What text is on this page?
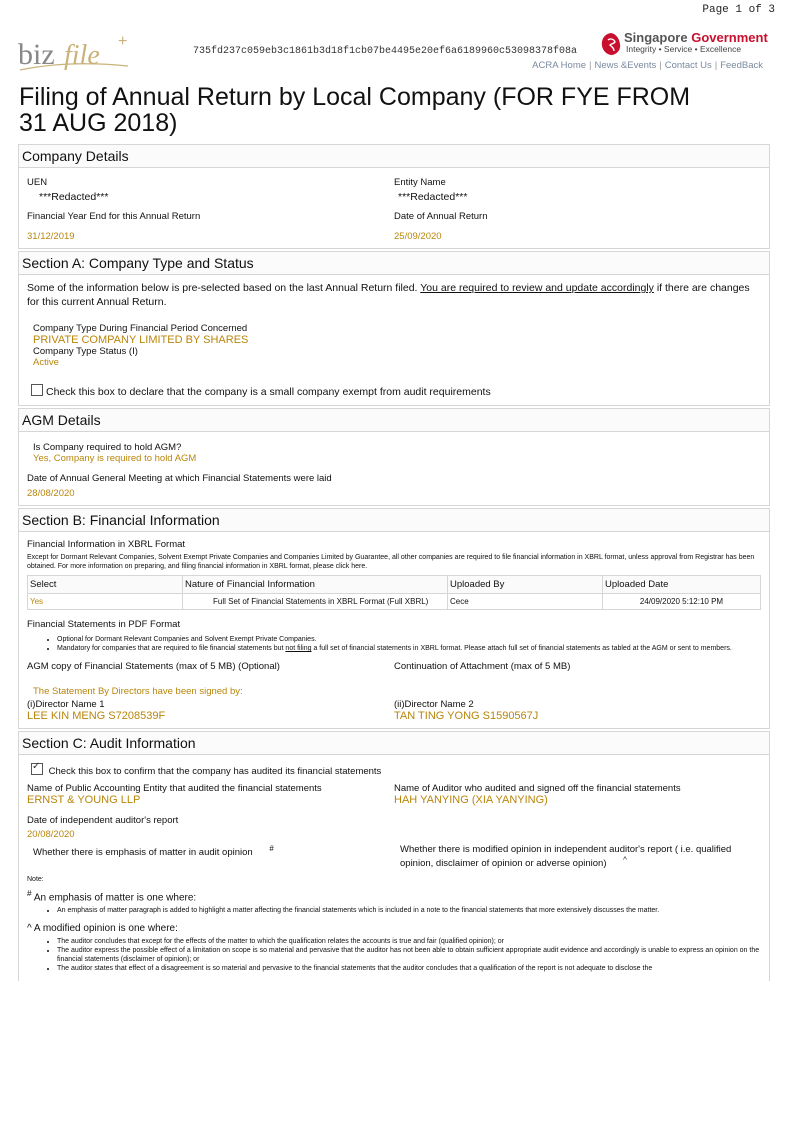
Page 1 of 3
biz file +
735fd237c059eb3c1861b3d18f1cb07be4495e20ef6a6189960c53098378f08a
Singapore Government
Integrity • Service • Excellence
ACRA Home | News &Events | Contact Us | FeedBack
Filing of Annual Return by Local Company (FOR FYE FROM 31 AUG 2018)
Company Details
UEN
***Redacted***
Entity Name
***Redacted***
Financial Year End for this Annual Return
31/12/2019
Date of Annual Return
25/09/2020
Section A: Company Type and Status
Some of the information below is pre-selected based on the last Annual Return filed. You are required to review and update accordingly if there are changes for this current Annual Return.
Company Type During Financial Period Concerned
PRIVATE COMPANY LIMITED BY SHARES
Company Type Status (I)
Active
Check this box to declare that the company is a small company exempt from audit requirements
AGM Details
Is Company required to hold AGM?
Yes, Company is required to hold AGM
Date of Annual General Meeting at which Financial Statements were laid
28/08/2020
Section B: Financial Information
Financial Information in XBRL Format
Except for Dormant Relevant Companies, Solvent Exempt Private Companies and Companies Limited by Guarantee, all other companies are required to file financial information in XBRL format, unless approval from Registrar has been obtained. For more information on preparing, and filing financial information in XBRL format, please click here.
Select	Nature of Financial Information	Uploaded By	Uploaded Date
Yes	Full Set of Financial Statements in XBRL Format (Full XBRL)	Cece	24/09/2020 5:12:10 PM
Financial Statements in PDF Format
• Optional for Dormant Relevant Companies and Solvent Exempt Private Companies.
• Mandatory for companies that are required to file financial statements but not filing a full set of financial statements in XBRL format. Please attach full set of financial statements as tabled at the AGM or sent to members.
AGM copy of Financial Statements (max of 5 MB) (Optional)	Continuation of Attachment (max of 5 MB)
The Statement By Directors have been signed by:
(i)Director Name 1
LEE KIN MENG S7208539F
(ii)Director Name 2
TAN TING YONG S1590567J
Section C: Audit Information
✓ Check this box to confirm that the company has audited its financial statements
Name of Public Accounting Entity that audited the financial statements
ERNST & YOUNG LLP
Name of Auditor who audited and signed off the financial statements
HAH YANYING (XIA YANYING)
Date of independent auditor's report
20/08/2020
Whether there is emphasis of matter in audit opinion #	Whether there is modified opinion in independent auditor's report ( i.e. qualified opinion, disclaimer of opinion or adverse opinion) ^
Note:
# An emphasis of matter is one where:
• An emphasis of matter paragraph is added to highlight a matter affecting the financial statements which is included in a note to the financial statements that more extensively discusses the matter.
^ A modified opinion is one where:
• The auditor concludes that except for the effects of the matter to which the qualification relates the accounts is true and fair (qualified opinion); or
• The auditor express the possible effect of a limitation on scope is so material and pervasive that the auditor has not been able to obtain sufficient appropriate audit evidence and accordingly is unable to express an opinion on the financial statements (disclaimer of opinion); or
• The auditor states that effect of a disagreement is so material and pervasive to the financial statements that the auditor concludes that a qualification of the report is not adequate to disclose the
